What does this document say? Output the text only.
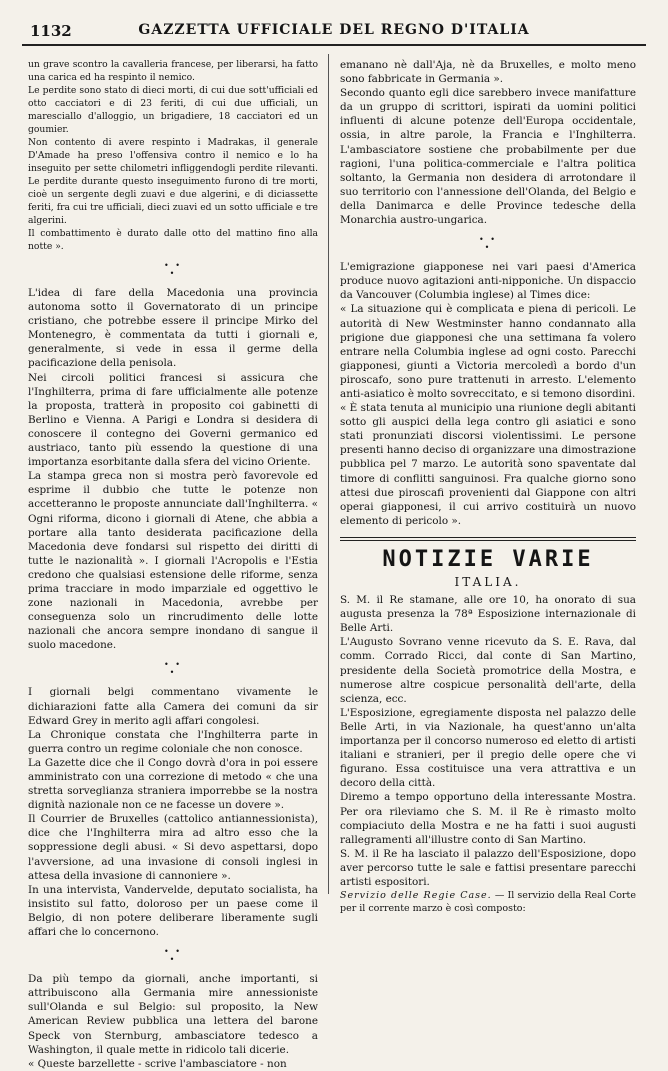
1132	GAZZETTA UFFICIALE DEL REGNO D'ITALIA

un grave scontro la cavalleria francese, per liberarsi, ha fatto una carica ed ha respinto il nemico.

Le perdite sono stato di dieci morti, di cui due sott'ufficiali ed otto cacciatori e di 23 feriti, di cui due ufficiali, un maresciallo d'alloggio, un brigadiere, 18 cacciatori ed un goumier.

Non contento di avere respinto i Madrakas, il generale D'Amade ha preso l'offensiva contro il nemico e lo ha inseguito per sette chilometri infliggendogli perdite rilevanti. Le perdite durante questo inseguimento furono di tre morti, cioè un sergente degli zuavi e due algerini, e di diciassette feriti, fra cui tre ufficiali, dieci zuavi ed un sotto ufficiale e tre algerini.

Il combattimento è durato dalle otto del mattino fino alla notte ».

• •
•

L'idea di fare della Macedonia una provincia autonoma sotto il Governatorato di un principe cristiano, che potrebbe essere il principe Mirko del Montenegro, è commentata da tutti i giornali e, generalmente, si vede in essa il germe della pacificazione della penisola.

Nei circoli politici francesi si assicura che l'Inghilterra, prima di fare ufficialmente alle potenze la proposta, tratterà in proposito coi gabinetti di Berlino e Vienna. A Parigi e Londra si desidera di conoscere il contegno dei Governi germanico ed austriaco, tanto più essendo la questione di una importanza esorbitante dalla sfera del vicino Oriente.

La stampa greca non si mostra però favorevole ed esprime il dubbio che tutte le potenze non accetteranno le proposte annunciate dall'Inghilterra. « Ogni riforma, dicono i giornali di Atene, che abbia a portare alla tanto desiderata pacificazione della Macedonia deve fondarsi sul rispetto dei diritti di tutte le nazionalità ». I giornali l'Acropolis e l'Estia credono che qualsiasi estensione delle riforme, senza prima tracciare in modo imparziale ed oggettivo le zone nazionali in Macedonia, avrebbe per conseguenza solo un rincrudimento delle lotte nazionali che ancora sempre inondano di sangue il suolo macedone.

• •
•

I giornali belgi commentano vivamente le dichiarazioni fatte alla Camera dei comuni da sir Edward Grey in merito agli affari congolesi.

La Chronique constata che l'Inghilterra parte in guerra contro un regime coloniale che non conosce.

La Gazette dice che il Congo dovrà d'ora in poi essere amministrato con una correzione di metodo « che una stretta sorveglianza straniera imporrebbe se la nostra dignità nazionale non ce ne facesse un dovere ».

Il Courrier de Bruxelles (cattolico antiannessionista), dice che l'Inghilterra mira ad altro esso che la soppressione degli abusi. « Si devo aspettarsi, dopo l'avversione, ad una invasione di consoli inglesi in attesa della invasione di cannoniere ».

In una intervista, Vandervelde, deputato socialista, ha insistito sul fatto, doloroso per un paese come il Belgio, di non potere deliberare liberamente sugli affari che lo concernono.

• •
•

Da più tempo da giornali, anche importanti, si attribuiscono alla Germania mire annessioniste sull'Olanda e sul Belgio: sul proposito, la New American Review pubblica una lettera del barone Speck von Sternburg, ambasciatore tedesco a Washington, il quale mette in ridicolo tali dicerie.

« Queste barzellette - scrive l'ambasciatore - non

emanano nè dall'Aja, nè da Bruxelles, e molto meno sono fabbricate in Germania ».

Secondo quanto egli dice sarebbero invece manifatture da un gruppo di scrittori, ispirati da uomini politici influenti di alcune potenze dell'Europa occidentale, ossia, in altre parole, la Francia e l'Inghilterra. L'ambasciatore sostiene che probabilmente per due ragioni, l'una politica-commerciale e l'altra politica soltanto, la Germania non desidera di arrotondare il suo territorio con l'annessione dell'Olanda, del Belgio e della Danimarca e delle Province tedesche della Monarchia austro-ungarica.

• •
•

L'emigrazione giapponese nei vari paesi d'America produce nuovo agitazioni anti-nipponiche. Un dispaccio da Vancouver (Columbia inglese) al Times dice:

« La situazione qui è complicata e piena di pericoli. Le autorità di New Westminster hanno condannato alla prigione due giapponesi che una settimana fa volero entrare nella Columbia inglese ad ogni costo. Parecchi giapponesi, giunti a Victoria mercoledì a bordo d'un piroscafo, sono pure trattenuti in arresto. L'elemento anti-asiatico è molto sovreccitato, e si temono disordini.

« È stata tenuta al municipio una riunione degli abitanti sotto gli auspici della lega contro gli asiatici e sono stati pronunziati discorsi violentissimi. Le persone presenti hanno deciso di organizzare una dimostrazione pubblica pel 7 marzo. Le autorità sono spaventate dal timore di conflitti sanguinosi. Fra qualche giorno sono attesi due piroscafi provenienti dal Giappone con altri operai giapponesi, il cui arrivo costituirà un nuovo elemento di pericolo ».

NOTIZIE VARIE
ITALIA.

S. M. il Re stamane, alle ore 10, ha onorato di sua augusta presenza la 78ª Esposizione internazionale di Belle Arti.

L'Augusto Sovrano venne ricevuto da S. E. Rava, dal comm. Corrado Ricci, dal conte di San Martino, presidente della Società promotrice della Mostra, e numerose altre cospicue personalità dell'arte, della scienza, ecc.

L'Esposizione, egregiamente disposta nel palazzo delle Belle Arti, in via Nazionale, ha quest'anno un'alta importanza per il concorso numeroso ed eletto di artisti italiani e stranieri, per il pregio delle opere che vi figurano. Essa costituisce una vera attrattiva e un decoro della città.

Diremo a tempo opportuno della interessante Mostra. Per ora rileviamo che S. M. il Re è rimasto molto compiaciuto della Mostra e ne ha fatti i suoi augusti rallegramenti all'illustre conto di San Martino.

S. M. il Re ha lasciato il palazzo dell'Esposizione, dopo aver percorso tutte le sale e fattisi presentare parecchi artisti espositori.

Servizio delle Regie Case. — Il servizio della Real Corte per il corrente marzo è così composto:
